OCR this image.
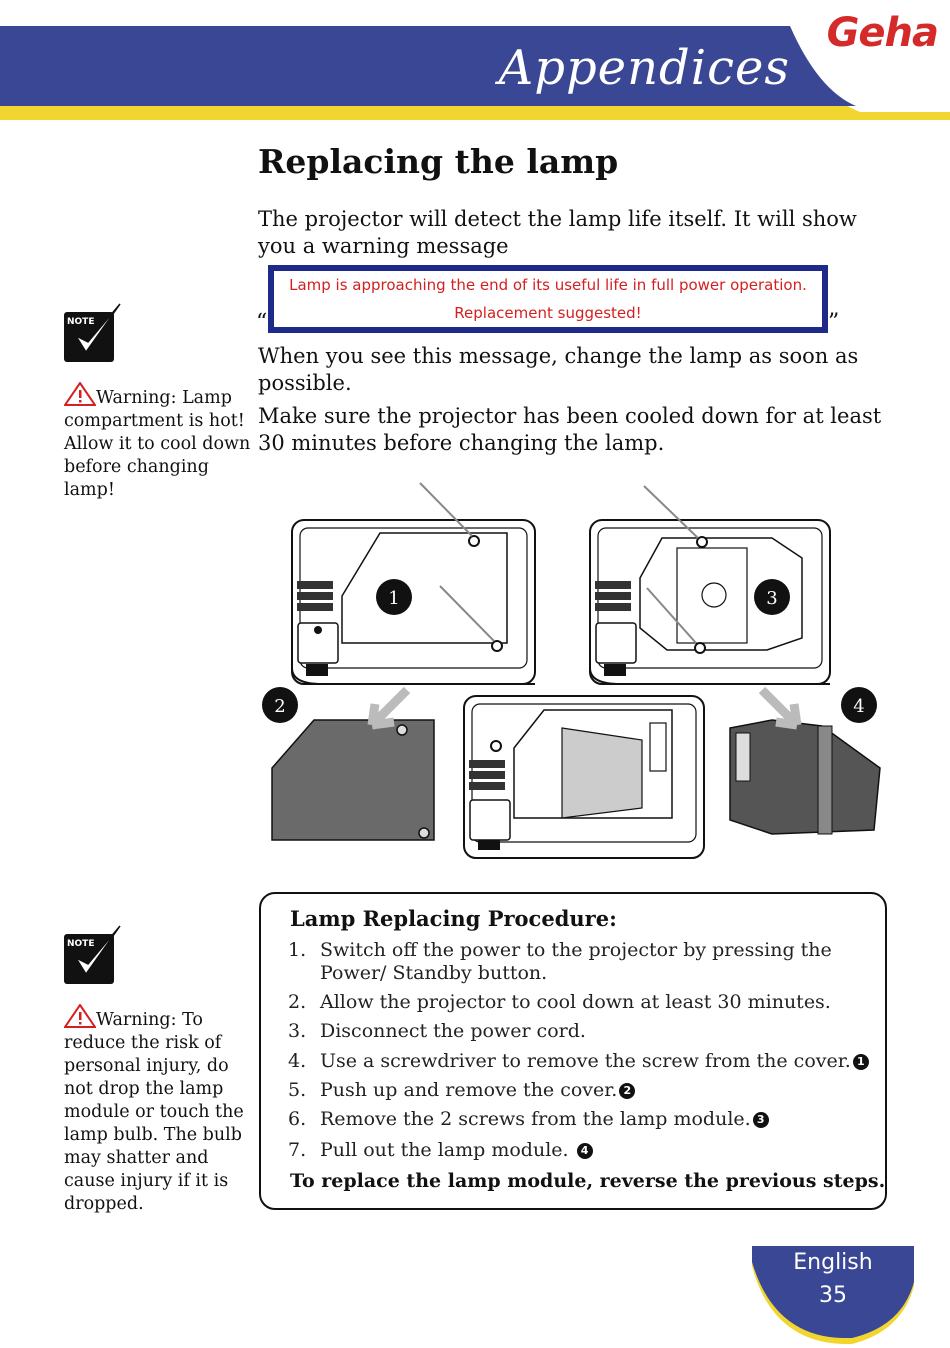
Appendices
Geha
Replacing the lamp
The projector will detect the lamp life itself. It will show you a warning message
“
Lamp is approaching the end of its useful life in full power operation.
Replacement suggested!	”
When you see this message, change the lamp as soon as possible.
Make sure the projector has been cooled down for at least 30 minutes before changing the lamp.
NOTE
Warning: Lamp compartment is hot! Allow it to cool down before changing lamp!
1
2
3
4
NOTE
Warning: To reduce the risk of personal injury, do not drop the lamp module or touch the lamp bulb. The bulb may shatter and cause injury if it is dropped.
Lamp Replacing Procedure:
1. Switch off the power to the projector by pressing the Power/ Standby button.
2. Allow the projector to cool down at least 30 minutes.
3. Disconnect the power cord.
4. Use a screwdriver to remove the screw from the cover. 1
5. Push up and remove the cover. 2
6. Remove the 2 screws from the lamp module. 3
7. Pull out the lamp module. 4
To replace the lamp module, reverse the previous steps.
English
35
